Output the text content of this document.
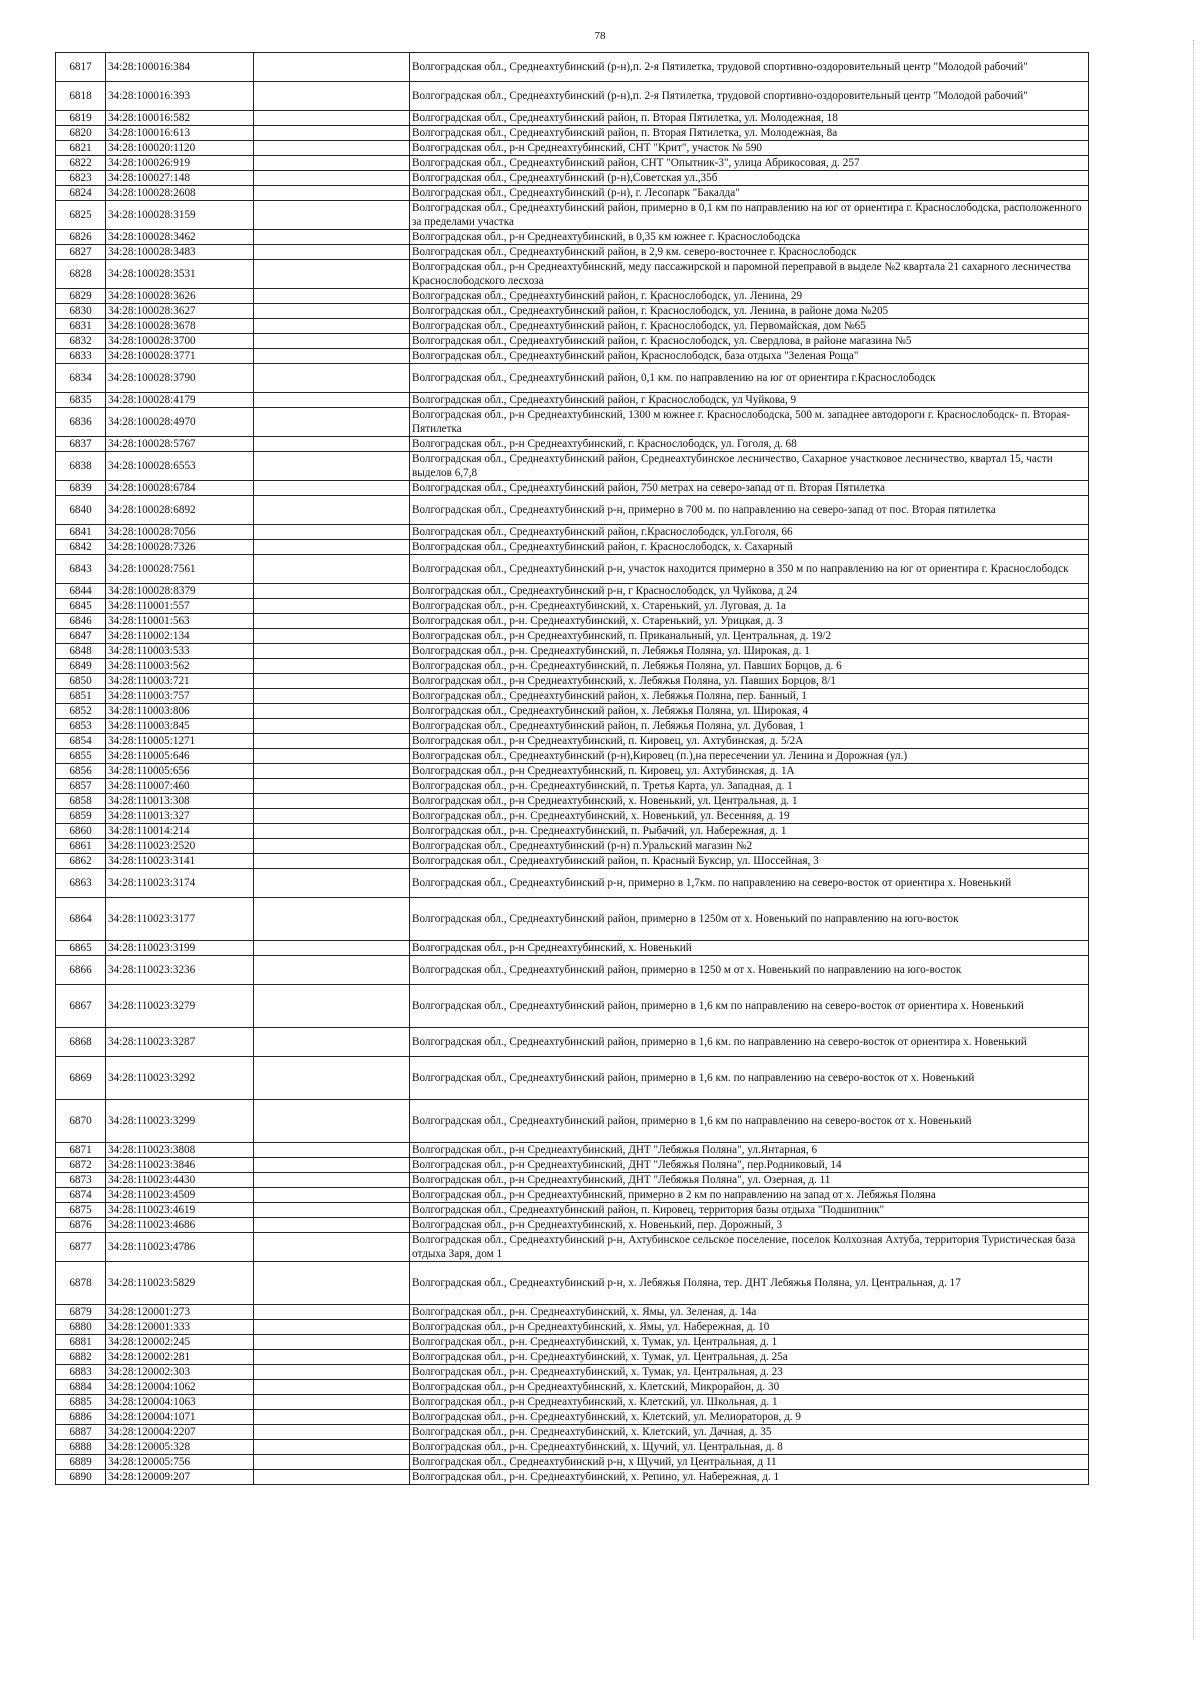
78
6817	34:28:100016:384		Волгоградская обл., Среднеахтубинский (р-н),п. 2-я Пятилетка, трудовой спортивно-оздоровительный центр "Молодой рабочий"
6818	34:28:100016:393		Волгоградская обл., Среднеахтубинский (р-н),п. 2-я Пятилетка, трудовой спортивно-оздоровительный центр "Молодой рабочий"
6819	34:28:100016:582		Волгоградская обл., Среднеахтубинский район, п. Вторая Пятилетка, ул. Молодежная, 18
6820	34:28:100016:613		Волгоградская обл., Среднеахтубинский район, п. Вторая Пятилетка, ул. Молодежная, 8а
6821	34:28:100020:1120		Волгоградская обл., р-н Среднеахтубинский, СНТ "Крит", участок № 590
6822	34:28:100026:919		Волгоградская обл., Среднеахтубинский район, СНТ "Опытник-3", улица Абрикосовая, д. 257
6823	34:28:100027:148		Волгоградская обл., Среднеахтубинский (р-н),Советская ул.,35б
6824	34:28:100028:2608		Волгоградская обл., Среднеахтубинский (р-н), г. Лесопарк "Бакалда"
6825	34:28:100028:3159		Волгоградская обл., Среднеахтубинский район, примерно в 0,1 км по направлению на юг от ориентира г. Краснослободска, расположенного за пределами участка
6826	34:28:100028:3462		Волгоградская обл., р-н Среднеахтубинский, в 0,35 км южнее г. Краснослободска
6827	34:28:100028:3483		Волгоградская обл., Среднеахтубинский район, в 2,9 км. северо-восточнее г. Краснослободск
6828	34:28:100028:3531		Волгоградская обл., р-н Среднеахтубинский, меду пассажирской и паромной переправой в выделе №2 квартала 21 сахарного лесничества Краснослободского лесхоза
6829	34:28:100028:3626		Волгоградская обл., Среднеахтубинский район, г. Краснослободск, ул. Ленина, 29
6830	34:28:100028:3627		Волгоградская обл., Среднеахтубинский район, г. Краснослободск, ул. Ленина, в районе дома №205
6831	34:28:100028:3678		Волгоградская обл., Среднеахтубинский район, г. Краснослободск, ул. Первомайская, дом №65
6832	34:28:100028:3700		Волгоградская обл., Среднеахтубинский район, г. Краснослободск, ул. Свердлова, в районе магазина №5
6833	34:28:100028:3771		Волгоградская обл., Среднеахтубинский район, Краснослободск, база отдыха "Зеленая Роща"
6834	34:28:100028:3790		Волгоградская обл., Среднеахтубинский район, 0,1 км. по направлению на юг от ориентира г.Краснослободск
6835	34:28:100028:4179		Волгоградская обл., Среднеахтубинский район, г Краснослободск, ул Чуйкова, 9
6836	34:28:100028:4970		Волгоградская обл., р-н Среднеахтубинский, 1300 м южнее г. Краснослободска, 500 м. западнее автодороги г. Краснослободск- п. Вторая-Пятилетка
6837	34:28:100028:5767		Волгоградская обл., р-н Среднеахтубинский, г. Краснослободск, ул. Гоголя, д. 68
6838	34:28:100028:6553		Волгоградская обл., Среднеахтубинский район, Среднеахтубинское лесничество, Сахарное участковое лесничество, квартал 15, части выделов 6,7,8
6839	34:28:100028:6784		Волгоградская обл., Среднеахтубинский район, 750 метрах на северо-запад от п. Вторая Пятилетка
6840	34:28:100028:6892		Волгоградская обл., Среднеахтубинский р-н, примерно в 700 м. по направлению на северо-запад от пос. Вторая пятилетка
6841	34:28:100028:7056		Волгоградская обл., Среднеахтубинский район, г.Краснослободск, ул.Гоголя, 66
6842	34:28:100028:7326		Волгоградская обл., Среднеахтубинский район, г. Краснослободск, х. Сахарный
6843	34:28:100028:7561		Волгоградская обл., Среднеахтубинский р-н, участок находится примерно в 350 м по направлению на юг от ориентира г. Краснослободск
6844	34:28:100028:8379		Волгоградская обл., Среднеахтубинский р-н, г Краснослободск, ул Чуйкова, д 24
6845	34:28:110001:557		Волгоградская обл., р-н. Среднеахтубинский, х. Старенький, ул. Луговая, д. 1а
6846	34:28:110001:563		Волгоградская обл., р-н. Среднеахтубинский, х. Старенький, ул. Урицкая, д. 3
6847	34:28:110002:134		Волгоградская обл., р-н Среднеахтубинский, п. Приканальный, ул. Центральная, д. 19/2
6848	34:28:110003:533		Волгоградская обл., р-н. Среднеахтубинский, п. Лебяжья Поляна, ул. Широкая, д. 1
6849	34:28:110003:562		Волгоградская обл., р-н. Среднеахтубинский, п. Лебяжья Поляна, ул. Павших Борцов, д. 6
6850	34:28:110003:721		Волгоградская обл., р-н Среднеахтубинский, х. Лебяжья Поляна, ул. Павших Борцов, 8/1
6851	34:28:110003:757		Волгоградская обл., Среднеахтубинский район, х. Лебяжья Поляна, пер. Банный, 1
6852	34:28:110003:806		Волгоградская обл., Среднеахтубинский район, х. Лебяжья Поляна, ул. Широкая, 4
6853	34:28:110003:845		Волгоградская обл., Среднеахтубинский район, п. Лебяжья Поляна, ул. Дубовая, 1
6854	34:28:110005:1271		Волгоградская обл., р-н Среднеахтубинский, п. Кировец, ул. Ахтубинская, д. 5/2А
6855	34:28:110005:646		Волгоградская обл., Среднеахтубинский (р-н),Кировец (п.),на пересечении ул. Ленина и Дорожная (ул.)
6856	34:28:110005:656		Волгоградская обл., р-н Среднеахтубинский, п. Кировец, ул. Ахтубинская, д. 1А
6857	34:28:110007:460		Волгоградская обл., р-н. Среднеахтубинский, п. Третья Карта, ул. Западная, д. 1
6858	34:28:110013:308		Волгоградская обл., р-н Среднеахтубинский, х. Новенький, ул. Центральная, д. 1
6859	34:28:110013:327		Волгоградская обл., р-н. Среднеахтубинский, х. Новенький, ул. Весенняя, д. 19
6860	34:28:110014:214		Волгоградская обл., р-н. Среднеахтубинский, п. Рыбачий, ул. Набережная, д. 1
6861	34:28:110023:2520		Волгоградская обл., Среднеахтубинский (р-н) п.Уральский магазин №2
6862	34:28:110023:3141		Волгоградская обл., Среднеахтубинский район, п. Красный Буксир, ул. Шоссейная, 3
6863	34:28:110023:3174		Волгоградская обл., Среднеахтубинский р-н, примерно в 1,7км. по направлению на северо-восток от ориентира х. Новенький
6864	34:28:110023:3177		Волгоградская обл., Среднеахтубинский район, примерно в 1250м от х. Новенький по направлению на юго-восток
6865	34:28:110023:3199		Волгоградская обл., р-н Среднеахтубинский, х. Новенький
6866	34:28:110023:3236		Волгоградская обл., Среднеахтубинский район, примерно в 1250 м от х. Новенький по направлению на юго-восток
6867	34:28:110023:3279		Волгоградская обл., Среднеахтубинский район, примерно в 1,6 км по направлению на северо-восток от ориентира х. Новенький
6868	34:28:110023:3287		Волгоградская обл., Среднеахтубинский район, примерно в 1,6 км. по направлению на северо-восток от ориентира х. Новенький
6869	34:28:110023:3292		Волгоградская обл., Среднеахтубинский район, примерно в 1,6 км. по направлению на северо-восток от х. Новенький
6870	34:28:110023:3299		Волгоградская обл., Среднеахтубинский район, примерно в 1,6 км по направлению на северо-восток от х. Новенький
6871	34:28:110023:3808		Волгоградская обл., р-н Среднеахтубинский, ДНТ "Лебяжья Поляна", ул.Янтарная, 6
6872	34:28:110023:3846		Волгоградская обл., р-н Среднеахтубинский, ДНТ "Лебяжья Поляна", пер.Родниковый, 14
6873	34:28:110023:4430		Волгоградская обл., р-н Среднеахтубинский, ДНТ "Лебяжья Поляна", ул. Озерная, д. 11
6874	34:28:110023:4509		Волгоградская обл., р-н Среднеахтубинский, примерно в 2 км по направлению на запад от х. Лебяжья Поляна
6875	34:28:110023:4619		Волгоградская обл., Среднеахтубинский район, п. Кировец, территория базы отдыха "Подшипник"
6876	34:28:110023:4686		Волгоградская обл., р-н Среднеахтубинский, х. Новенький, пер. Дорожный, 3
6877	34:28:110023:4786		Волгоградская обл., Среднеахтубинский р-н, Ахтубинское сельское поселение, поселок Колхозная Ахтуба, территория Туристическая база отдыха Заря, дом 1
6878	34:28:110023:5829		Волгоградская обл., Среднеахтубинский р-н, х. Лебяжья Поляна, тер. ДНТ Лебяжья Поляна, ул. Центральная, д. 17
6879	34:28:120001:273		Волгоградская обл., р-н. Среднеахтубинский, х. Ямы, ул. Зеленая, д. 14а
6880	34:28:120001:333		Волгоградская обл., р-н Среднеахтубинский, х. Ямы, ул. Набережная, д. 10
6881	34:28:120002:245		Волгоградская обл., р-н. Среднеахтубинский, х. Тумак, ул. Центральная, д. 1
6882	34:28:120002:281		Волгоградская обл., р-н. Среднеахтубинский, х. Тумак, ул. Центральная, д. 25а
6883	34:28:120002:303		Волгоградская обл., р-н. Среднеахтубинский, х. Тумак, ул. Центральная, д. 23
6884	34:28:120004:1062		Волгоградская обл., р-н Среднеахтубинский, х. Клетский, Микрорайон, д. 30
6885	34:28:120004:1063		Волгоградская обл., р-н Среднеахтубинский, х. Клетский, ул. Школьная, д. 1
6886	34:28:120004:1071		Волгоградская обл., р-н. Среднеахтубинский, х. Клетский, ул. Мелиораторов, д. 9
6887	34:28:120004:2207		Волгоградская обл., р-н. Среднеахтубинский, х. Клетский, ул. Дачная, д. 35
6888	34:28:120005:328		Волгоградская обл., р-н. Среднеахтубинский, х. Щучий, ул. Центральная, д. 8
6889	34:28:120005:756		Волгоградская обл., Среднеахтубинский р-н, х Щучий, ул Центральная, д 11
6890	34:28:120009:207		Волгоградская обл., р-н. Среднеахтубинский, х. Репино, ул. Набережная, д. 1
